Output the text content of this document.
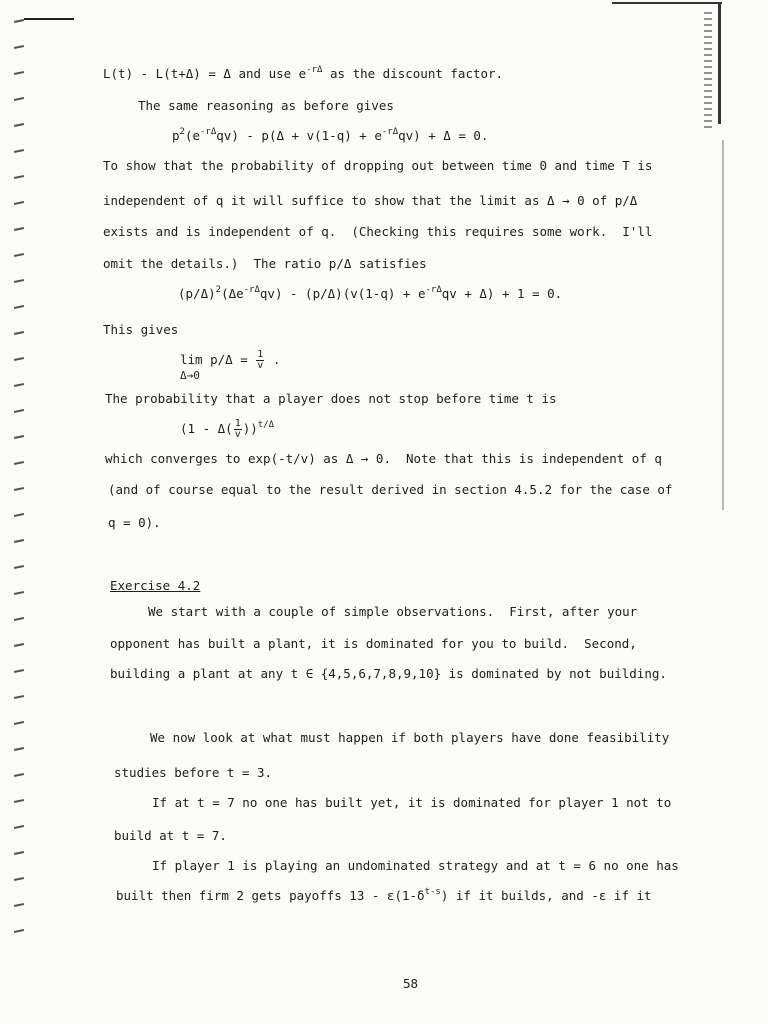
L(t) - L(t+Δ) = Δ and use $e^{-r\Delta}$ as the discount factor.
The same reasoning as before gives
$p^2(e^{-r\Delta}qv) - p(\Delta + v(1-q) + e^{-r\Delta}qv) + \Delta = 0$.
To show that the probability of dropping out between time 0 and time T is
independent of q it will suffice to show that the limit as Δ → 0 of p/Δ
exists and is independent of q.  (Checking this requires some work.  I'll
omit the details.)  The ratio p/Δ satisfies
$(p/\Delta)^2(\Delta e^{-r\Delta}qv) - (p/\Delta)(v(1-q) + e^{-r\Delta}qv + \Delta) + 1 = 0$.
This gives
$\lim p/\Delta = \frac{1}{v}$ .
Δ→0
The probability that a player does not stop before time t is
$(1 - \Delta( \frac{1}{v} ))^{t/\Delta}$
which converges to exp(-t/v) as Δ → 0.  Note that this is independent of q
(and of course equal to the result derived in section 4.5.2 for the case of
q = 0).
Exercise 4.2
We start with a couple of simple observations.  First, after your
opponent has built a plant, it is dominated for you to build.  Second,
building a plant at any t ∈ {4,5,6,7,8,9,10} is dominated by not building.
We now look at what must happen if both players have done feasibility
studies before t = 3.
If at t = 7 no one has built yet, it is dominated for player 1 not to
build at t = 7.
If player 1 is playing an undominated strategy and at t = 6 no one has
built then firm 2 gets payoffs $13 - \varepsilon(1-\delta^{t-s})$ if it builds, and -ε if it
58
